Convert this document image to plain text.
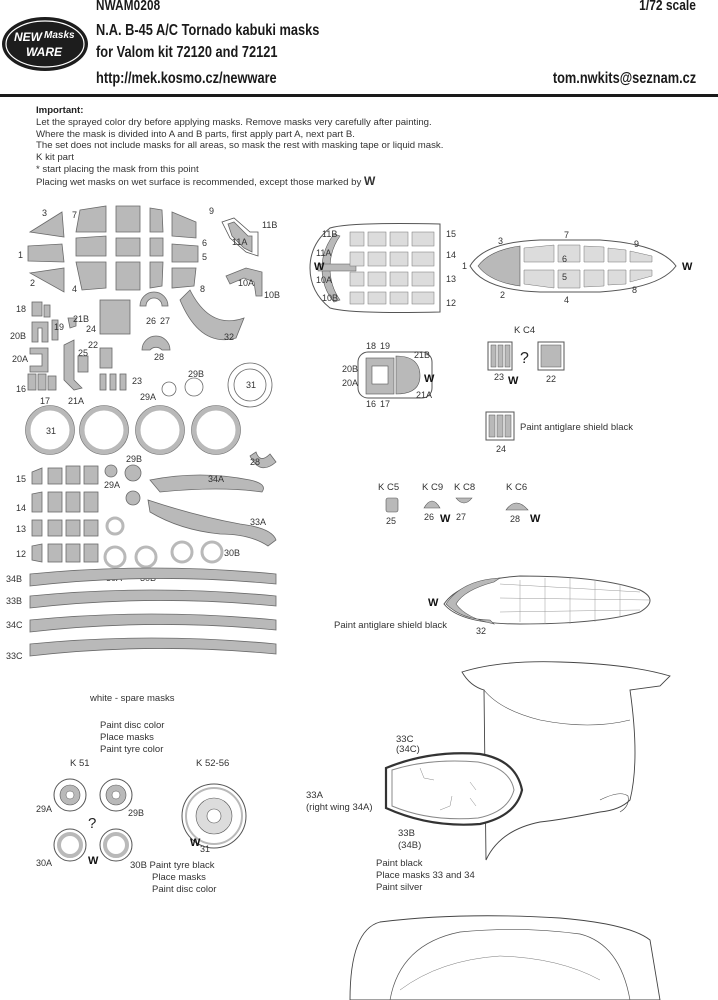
NWAM0208	1/72 scale
N.A. B-45 A/C Tornado kabuki masks
for Valom kit 72120 and 72121
http://mek.kosmo.cz/newware	tom.nwkits@seznam.cz
Important:
Let the sprayed color dry before applying masks. Remove masks very carefully after painting.
Where the mask is divided into A and B parts, first apply part A, next part B.
The set does not include masks for all areas, so mask the rest with masking tape or liquid mask.
K kit part
* start placing the mask from this point
Placing wet masks on wet surface is recommended, except those marked by W
NEW Masks
WARE
3	7
1
2
4
9
6
5
8
11B
11A
10A
10B
18
20B
19
20A
16
17 21A
21B
24
22
25
23
26 27
28
32
29B
29A
31
31
28
15
14
13
12
29B
29A
34A
33A
30B
34B
33B
34C
33C
white - spare masks
11B
11A
W
10A
10B
15
14
13
12
3
7
9
6
1
5
2	4
8
W
18 19
21B
20B
20A	W
21A
16 17
K C4
?
23 W	22
24
Paint antiglare shield black
K C5
25
K C9
26 W
K C8
27
K C6
28 W
W
Paint antiglare shield black	32
33C
(34C)
33A
(right wing 34A)
33B
(34B)
Paint black
Place masks 33 and 34
Paint silver
Paint disc color
Place masks
Paint tyre color
K 51
29A	29B
?
30A	W	30B Paint tyre black
Place masks
Paint disc color
K 52-56
W 31
